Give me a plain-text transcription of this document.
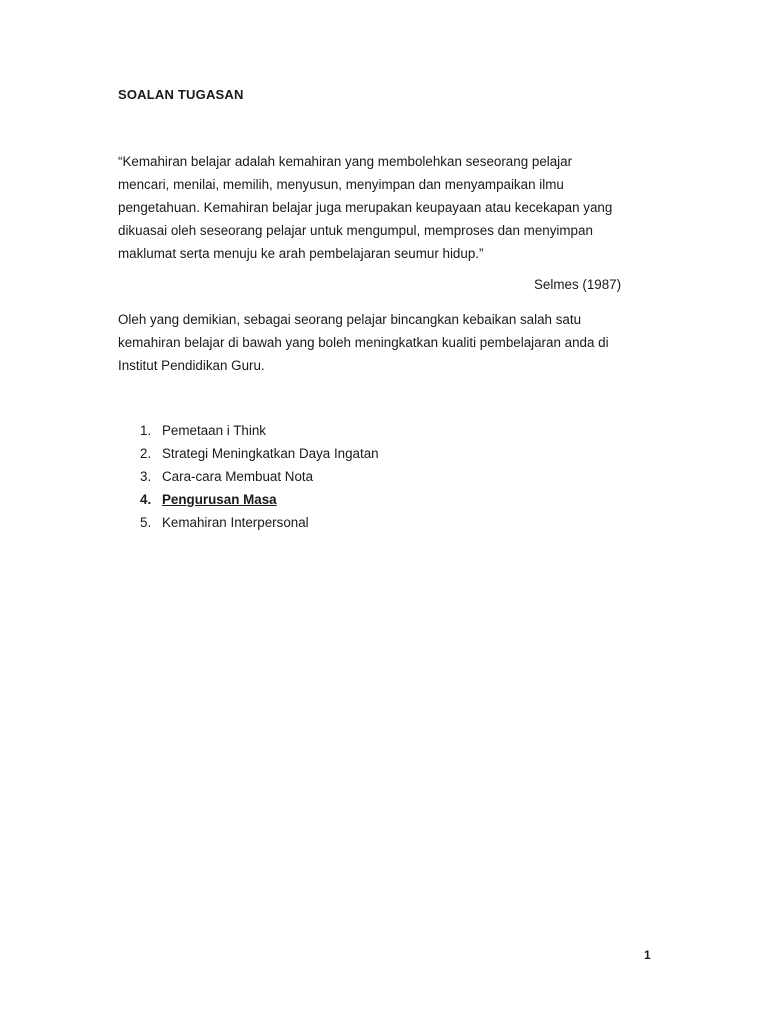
SOALAN TUGASAN

“Kemahiran belajar adalah kemahiran yang membolehkan seseorang pelajar
mencari, menilai, memilih, menyusun, menyimpan dan menyampaikan ilmu
pengetahuan. Kemahiran belajar juga merupakan keupayaan atau kecekapan yang
dikuasai oleh seseorang pelajar untuk mengumpul, memproses dan menyimpan
maklumat serta menuju ke arah pembelajaran seumur hidup.”

Selmes (1987)

Oleh yang demikian, sebagai seorang pelajar bincangkan kebaikan salah satu
kemahiran belajar di bawah yang boleh meningkatkan kualiti pembelajaran anda di
Institut Pendidikan Guru.

1. Pemetaan i Think
2. Strategi Meningkatkan Daya Ingatan
3. Cara-cara Membuat Nota
4. Pengurusan Masa
5. Kemahiran Interpersonal

1
